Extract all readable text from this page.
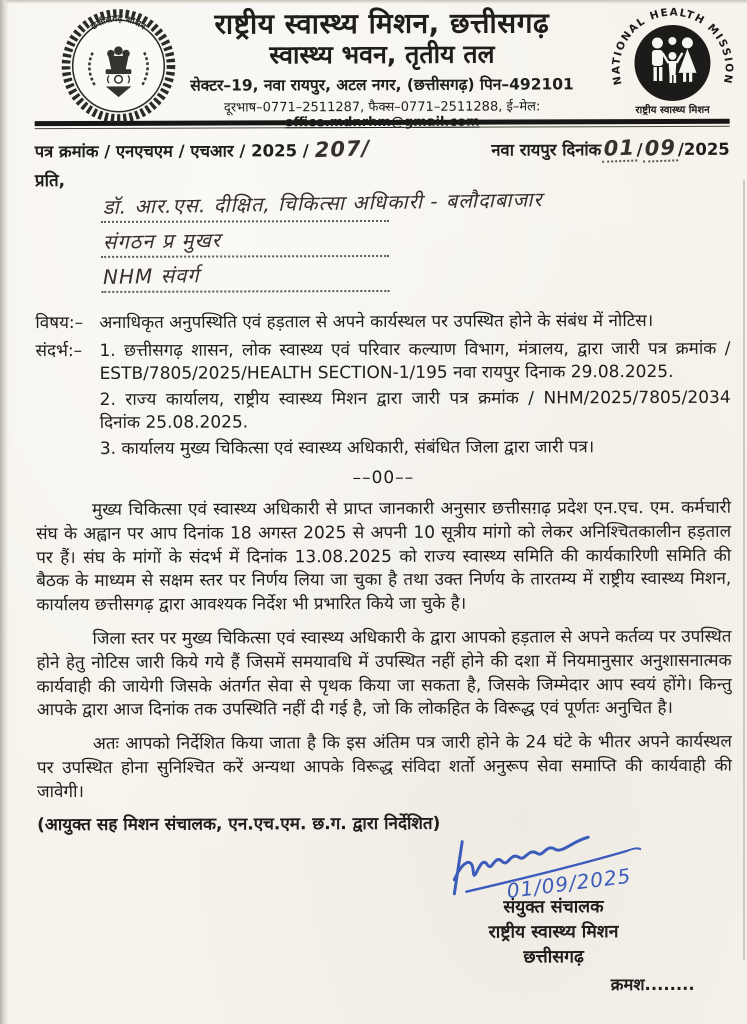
छत्तीसगढ़ शासन	राष्ट्रीय स्वास्थ्य मिशन, छत्तीसगढ़
स्वास्थ्य भवन, तृतीय तल
सेक्टर–19, नवा रायपुर, अटल नगर, (छत्तीसगढ़) पिन–492101
दूरभाष–0771–2511287, फैक्स–0771–2511288, ई–मेल: office.mdnrhm@gmail.com
NATIONAL HEALTH MISSION
राष्ट्रीय स्वास्थ्य मिशन
पत्र क्रमांक / एनएचएम / एचआर / 2025 / 207/	नवा रायपुर दिनांक01/09/2025
प्रति,
डॉ. आर.एस. दीक्षित, चिकित्सा अधिकारी - बलौदाबाजार
संगठन प्र मुखर
NHM संवर्ग
विषय:– अनाधिकृत अनुपस्थिति एवं हड़ताल से अपने कार्यस्थल पर उपस्थित होने के संबंध में नोटिस।
संदर्भ:–	1. छत्तीसगढ़ शासन, लोक स्वास्थ्य एवं परिवार कल्याण विभाग, मंत्रालय, द्वारा जारी पत्र क्रमांक / ESTB/7805/2025/HEALTH SECTION-1/195 नवा रायपुर दिनाक 29.08.2025.
2. राज्य कार्यालय, राष्ट्रीय स्वास्थ्य मिशन द्वारा जारी पत्र क्रमांक / NHM/2025/7805/2034 दिनांक 25.08.2025.
3. कार्यालय मुख्य चिकित्सा एवं स्वास्थ्य अधिकारी, संबंधित जिला द्वारा जारी पत्र।
––00––
मुख्य चिकित्सा एवं स्वास्थ्य अधिकारी से प्राप्त जानकारी अनुसार छत्तीसग़ढ़ प्रदेश एन.एच. एम. कर्मचारी संघ के अह्वान पर आप दिनांक 18 अगस्त 2025 से अपनी 10 सूत्रीय मांगो को लेकर अनिश्चितकालीन हड़ताल पर हैं। संघ के मांगों के संदर्भ में दिनांक 13.08.2025 को राज्य स्वास्थ्य समिति की कार्यकारिणी समिति की बैठक के माध्यम से सक्षम स्तर पर निर्णय लिया जा चुका है तथा उक्त निर्णय के तारतम्य में राष्ट्रीय स्वास्थ्य मिशन, कार्यालय छत्तीसगढ़ द्वारा आवश्यक निर्देश भी प्रभारित किये जा चुके है।
जिला स्तर पर मुख्य चिकित्सा एवं स्वास्थ्य अधिकारी के द्वारा आपको हड़ताल से अपने कर्तव्य पर उपस्थित होने हेतु नोटिस जारी किये गये हैं जिसमें समयावधि में उपस्थित नहीं होने की दशा में नियमानुसार अनुशासनात्मक कार्यवाही की जायेगी जिसके अंतर्गत सेवा से पृथक किया जा सकता है, जिसके जिम्मेदार आप स्वयं होंगे। किन्तु आपके द्वारा आज दिनांक तक उपस्थिति नहीं दी गई है, जो कि लोकहित के विरूद्ध एवं पूर्णतः अनुचित है।
अतः आपको निर्देशित किया जाता है कि इस अंतिम पत्र जारी होने के 24 घंटे के भीतर अपने कार्यस्थल पर उपस्थित होना सुनिश्चित करें अन्यथा आपके विरूद्ध संविदा शर्तो अनुरूप सेवा समाप्ति की कार्यवाही की जावेगी।
(आयुक्त सह मिशन संचालक, एन.एच.एम. छ.ग. द्वारा निर्देशित)
01/09/2025
संयुक्त संचालक
राष्ट्रीय स्वास्थ्य मिशन
छत्तीसगढ़
क्रमश........
